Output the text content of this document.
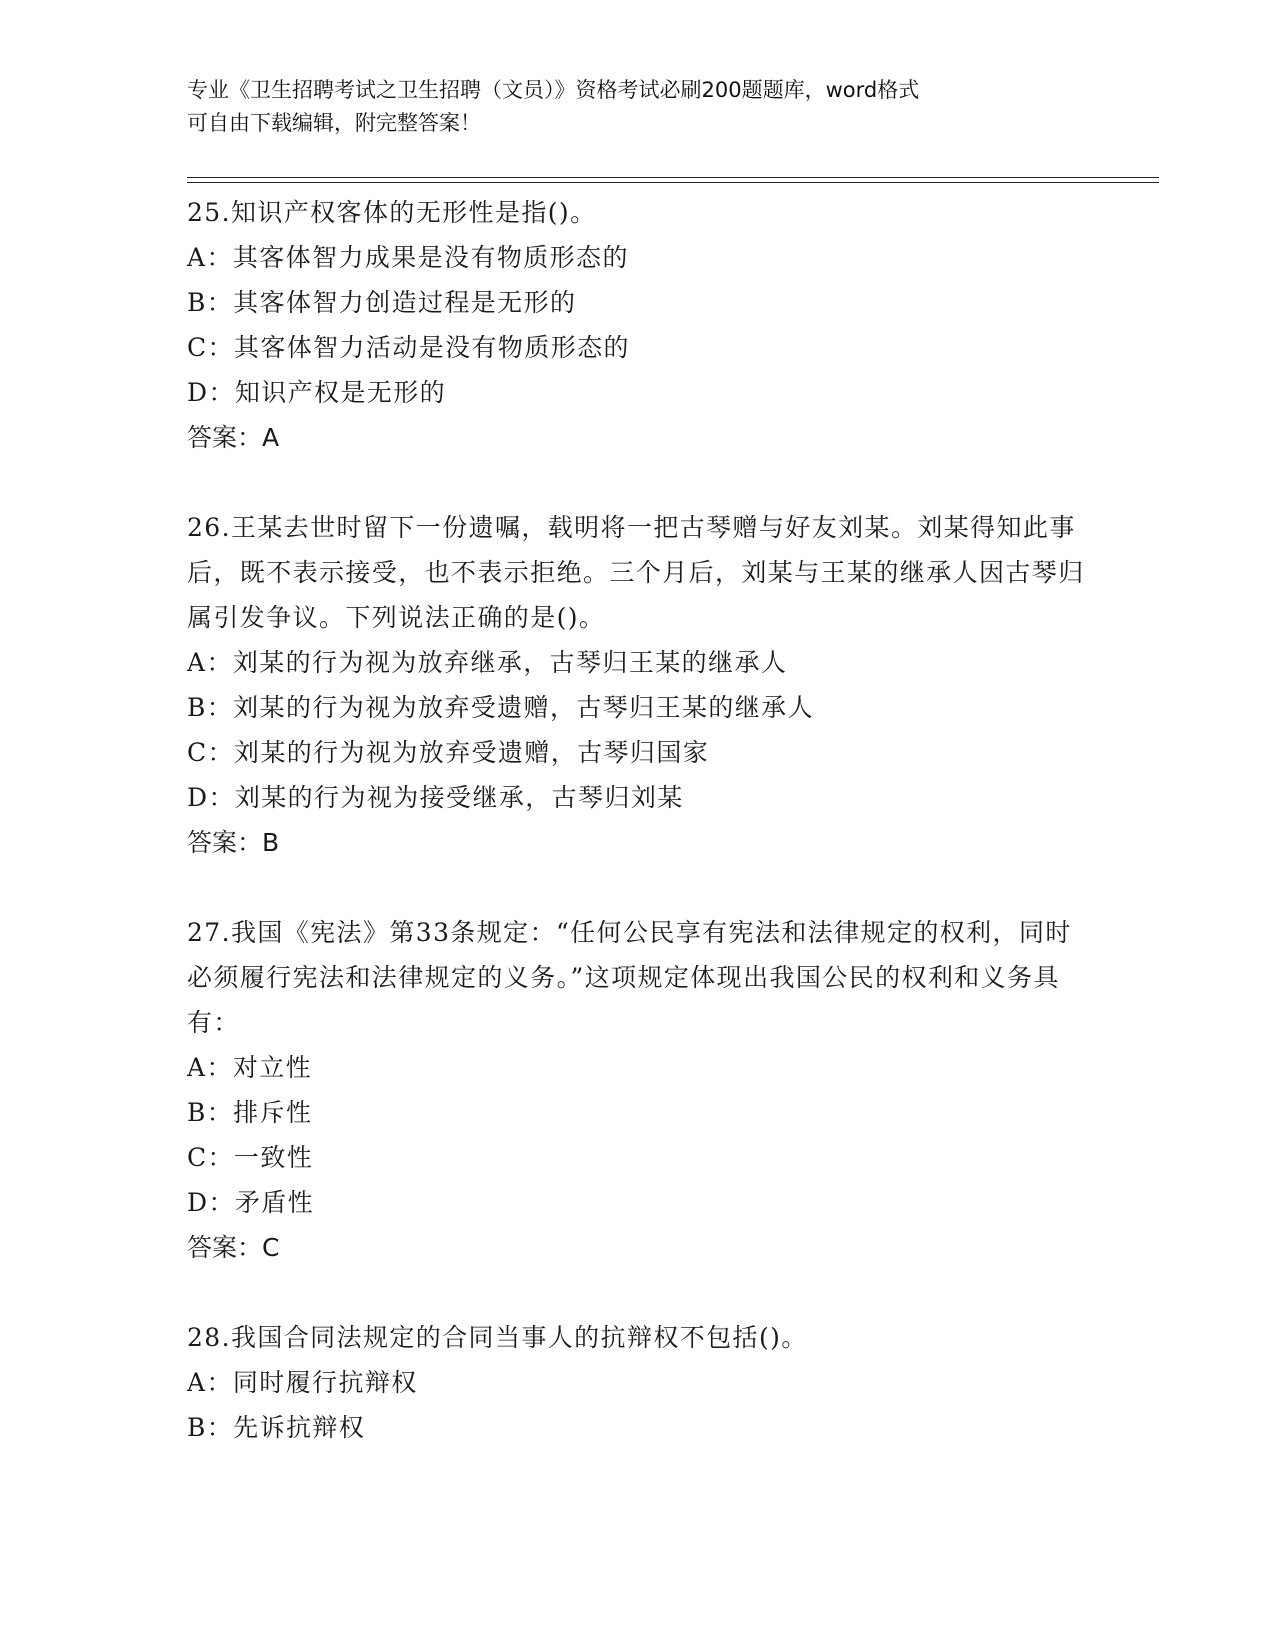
专业《卫生招聘考试之卫生招聘（文员）》资格考试必刷200题题库，word格式
可自由下载编辑，附完整答案！

25.知识产权客体的无形性是指()。

A：其客体智力成果是没有物质形态的

B：其客体智力创造过程是无形的

C：其客体智力活动是没有物质形态的

D：知识产权是无形的

答案：A

26.王某去世时留下一份遗嘱，载明将一把古琴赠与好友刘某。刘某得知此事后，既不表示接受，也不表示拒绝。三个月后，刘某与王某的继承人因古琴归属引发争议。下列说法正确的是()。

A：刘某的行为视为放弃继承，古琴归王某的继承人

B：刘某的行为视为放弃受遗赠，古琴归王某的继承人

C：刘某的行为视为放弃受遗赠，古琴归国家

D：刘某的行为视为接受继承，古琴归刘某

答案：B

27.我国《宪法》第33条规定：“任何公民享有宪法和法律规定的权利，同时必须履行宪法和法律规定的义务。”这项规定体现出我国公民的权利和义务具有：

A：对立性

B：排斥性

C：一致性

D：矛盾性

答案：C

28.我国合同法规定的合同当事人的抗辩权不包括()。

A：同时履行抗辩权

B：先诉抗辩权
